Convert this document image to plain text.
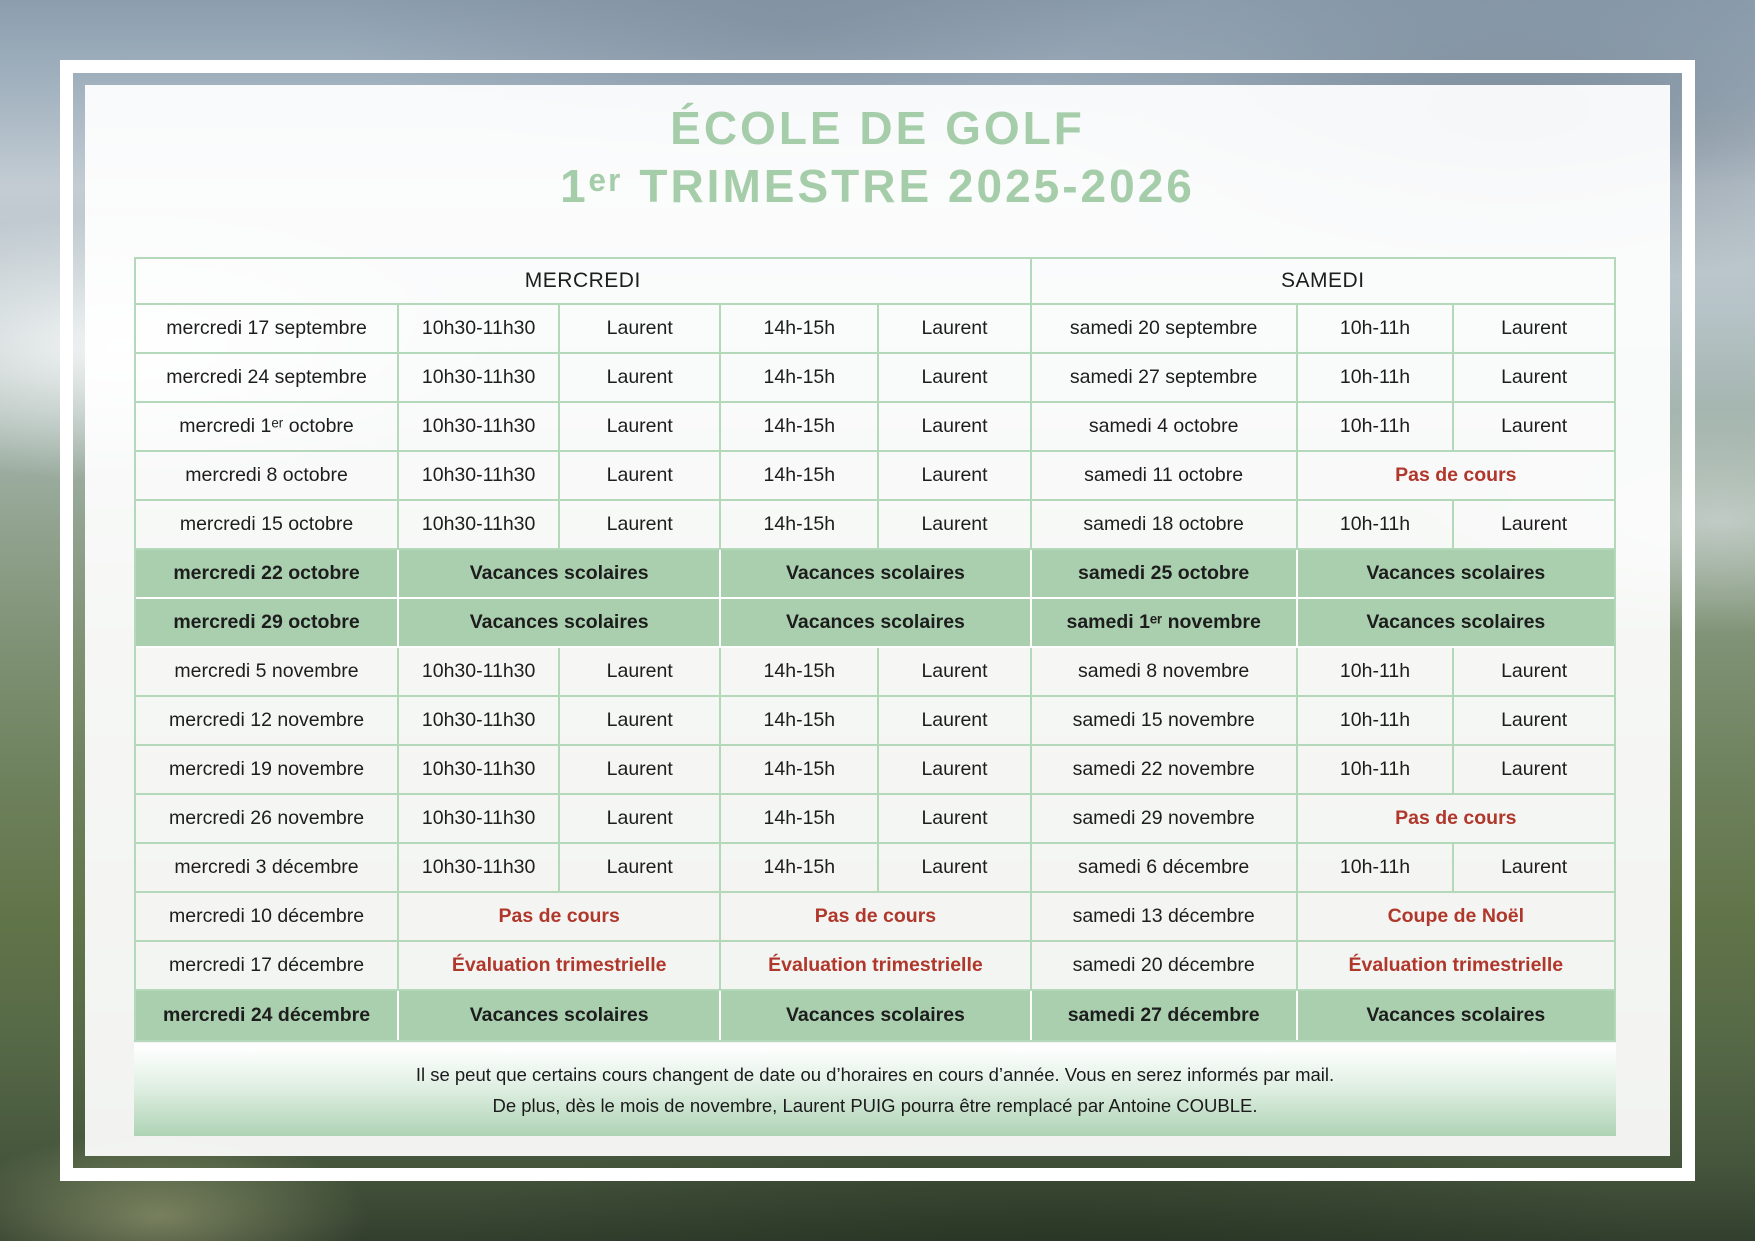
ÉCOLE DE GOLF
1ᵉʳ TRIMESTRE 2025-2026
MERCREDI					SAMEDI		
mercredi 17 septembre	10h30-11h30	Laurent	14h-15h	Laurent	samedi 20 septembre	10h-11h	Laurent
mercredi 24 septembre	10h30-11h30	Laurent	14h-15h	Laurent	samedi 27 septembre	10h-11h	Laurent
mercredi 1ᵉʳ octobre	10h30-11h30	Laurent	14h-15h	Laurent	samedi 4 octobre	10h-11h	Laurent
mercredi 8 octobre	10h30-11h30	Laurent	14h-15h	Laurent	samedi 11 octobre	Pas de cours	
mercredi 15 octobre	10h30-11h30	Laurent	14h-15h	Laurent	samedi 18 octobre	10h-11h	Laurent
mercredi 22 octobre	Vacances scolaires		Vacances scolaires		samedi 25 octobre	Vacances scolaires	
mercredi 29 octobre	Vacances scolaires		Vacances scolaires		samedi 1ᵉʳ novembre	Vacances scolaires	
mercredi 5 novembre	10h30-11h30	Laurent	14h-15h	Laurent	samedi 8 novembre	10h-11h	Laurent
mercredi 12 novembre	10h30-11h30	Laurent	14h-15h	Laurent	samedi 15 novembre	10h-11h	Laurent
mercredi 19 novembre	10h30-11h30	Laurent	14h-15h	Laurent	samedi 22 novembre	10h-11h	Laurent
mercredi 26 novembre	10h30-11h30	Laurent	14h-15h	Laurent	samedi 29 novembre	Pas de cours	
mercredi 3 décembre	10h30-11h30	Laurent	14h-15h	Laurent	samedi 6 décembre	10h-11h	Laurent
mercredi 10 décembre	Pas de cours		Pas de cours		samedi 13 décembre	Coupe de Noël	
mercredi 17 décembre	Évaluation trimestrielle		Évaluation trimestrielle		samedi 20 décembre	Évaluation trimestrielle	
mercredi 24 décembre	Vacances scolaires		Vacances scolaires		samedi 27 décembre	Vacances scolaires	
Il se peut que certains cours changent de date ou d’horaires en cours d’année. Vous en serez informés par mail.
De plus, dès le mois de novembre, Laurent PUIG pourra être remplacé par Antoine COUBLE.
